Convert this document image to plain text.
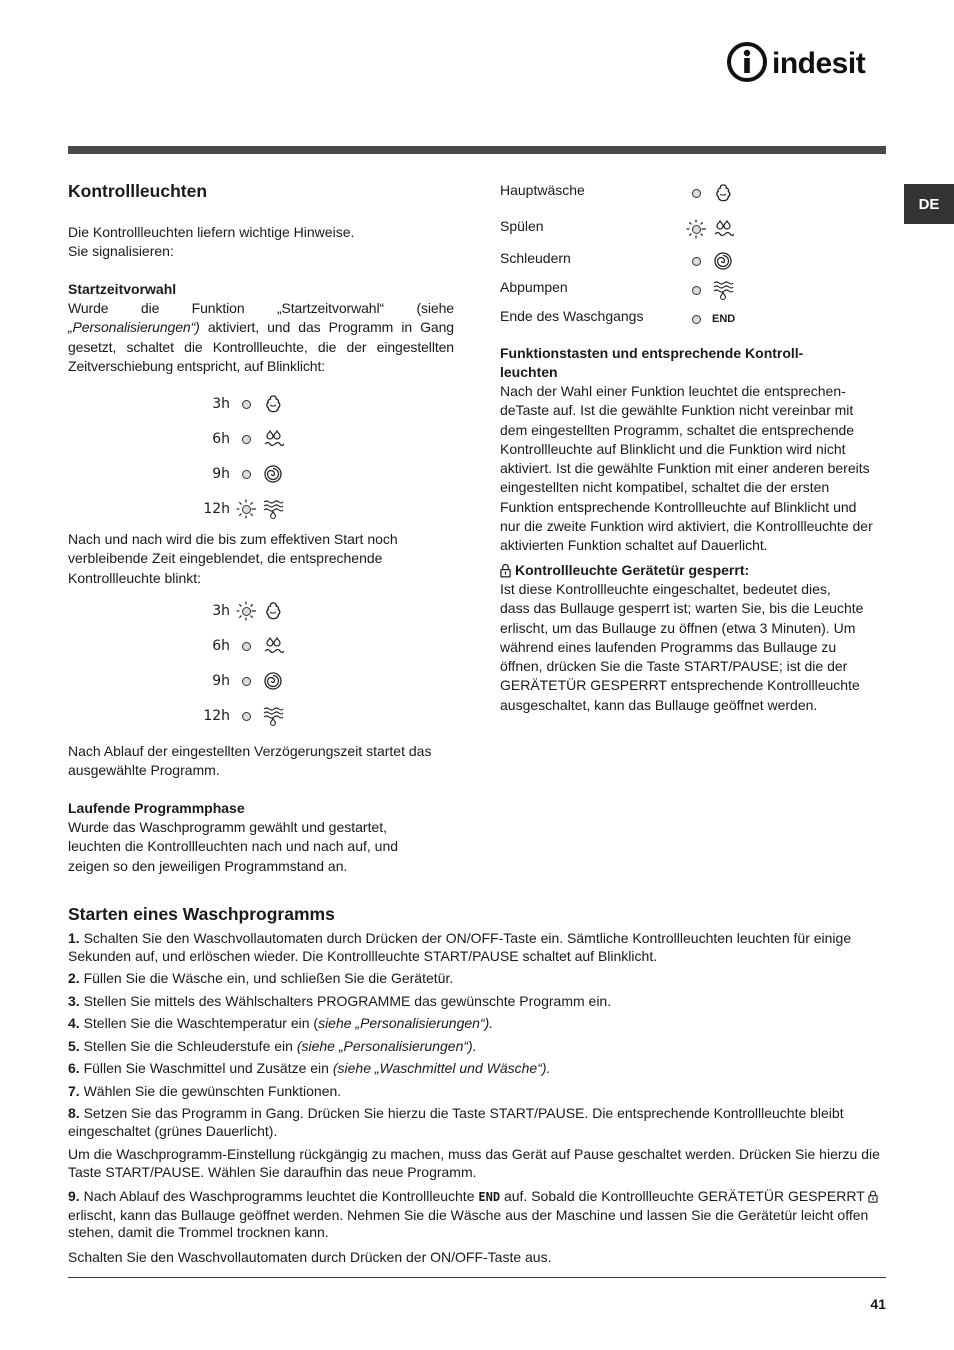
indesit
DE
Kontrollleuchten

Die Kontrollleuchten liefern wichtige Hinweise.
Sie signalisieren:

Startzeitvorwahl

Wurde die Funktion „Startzeitvorwahl“ (siehe „Personalisierungen“) aktiviert, und das Programm in Gang gesetzt, schaltet die Kontrollleuchte, die der eingestellten Zeitverschiebung entspricht, auf Blinklicht:

3h
6h
9h
12h

Nach und nach wird die bis zum effektiven Start noch verbleibende Zeit eingeblendet, die entsprechende Kontrollleuchte blinkt:

3h
6h
9h
12h

Nach Ablauf der eingestellten Verzögerungszeit startet das ausgewählte Programm.

Laufende Programmphase

Wurde das Waschprogramm gewählt und gestartet, leuchten die Kontrollleuchten nach und nach auf, und zeigen so den jeweiligen Programmstand an.

Hauptwäsche
Spülen
Schleudern
Abpumpen
Ende des Waschgangs	END
Funktionstasten und entsprechende Kontroll-
leuchten

Nach der Wahl einer Funktion leuchtet die entsprechen-
deTaste auf. Ist die gewählte Funktion nicht vereinbar mit
dem eingestellten Programm, schaltet die entsprechende
Kontrollleuchte auf Blinklicht und die Funktion wird nicht
aktiviert. Ist die gewählte Funktion mit einer anderen bereits
eingestellten nicht kompatibel, schaltet die der ersten
Funktion entsprechende Kontrollleuchte auf Blinklicht und
nur die zweite Funktion wird aktiviert, die Kontrollleuchte der
aktivierten Funktion schaltet auf Dauerlicht.

Kontrollleuchte Gerätetür gesperrt:

Ist diese Kontrollleuchte eingeschaltet, bedeutet dies,
dass das Bullauge gesperrt ist; warten Sie, bis die Leuchte
erlischt, um das Bullauge zu öffnen (etwa 3 Minuten). Um
während eines laufenden Programms das Bullauge zu
öffnen, drücken Sie die Taste START/PAUSE; ist die der
GERÄTETÜR GESPERRT entsprechende Kontrollleuchte
ausgeschaltet, kann das Bullauge geöffnet werden.

Starten eines Waschprogramms

1. Schalten Sie den Waschvollautomaten durch Drücken der ON/OFF-Taste ein. Sämtliche Kontrollleuchten leuchten für einige Sekunden auf, und erlöschen wieder. Die Kontrollleuchte START/PAUSE schaltet auf Blinklicht.

2. Füllen Sie die Wäsche ein, und schließen Sie die Gerätetür.

3. Stellen Sie mittels des Wählschalters PROGRAMME das gewünschte Programm ein.

4. Stellen Sie die Waschtemperatur ein (siehe „Personalisierungen“).

5. Stellen Sie die Schleuderstufe ein (siehe „Personalisierungen“).

6. Füllen Sie Waschmittel und Zusätze ein (siehe „Waschmittel und Wäsche“).

7. Wählen Sie die gewünschten Funktionen.

8. Setzen Sie das Programm in Gang. Drücken Sie hierzu die Taste START/PAUSE. Die entsprechende Kontrollleuchte bleibt eingeschaltet (grünes Dauerlicht).

Um die Waschprogramm-Einstellung rückgängig zu machen, muss das Gerät auf Pause geschaltet werden. Drücken Sie hierzu die Taste START/PAUSE. Wählen Sie daraufhin das neue Programm.

9. Nach Ablauf des Waschprogramms leuchtet die Kontrollleuchte END auf. Sobald die Kontrollleuchte GERÄTETÜR GESPERRT  erlischt, kann das Bullauge geöffnet werden. Nehmen Sie die Wäsche aus der Maschine und lassen Sie die Gerätetür leicht offen stehen, damit die Trommel trocknen kann.

Schalten Sie den Waschvollautomaten durch Drücken der ON/OFF-Taste aus.

41
